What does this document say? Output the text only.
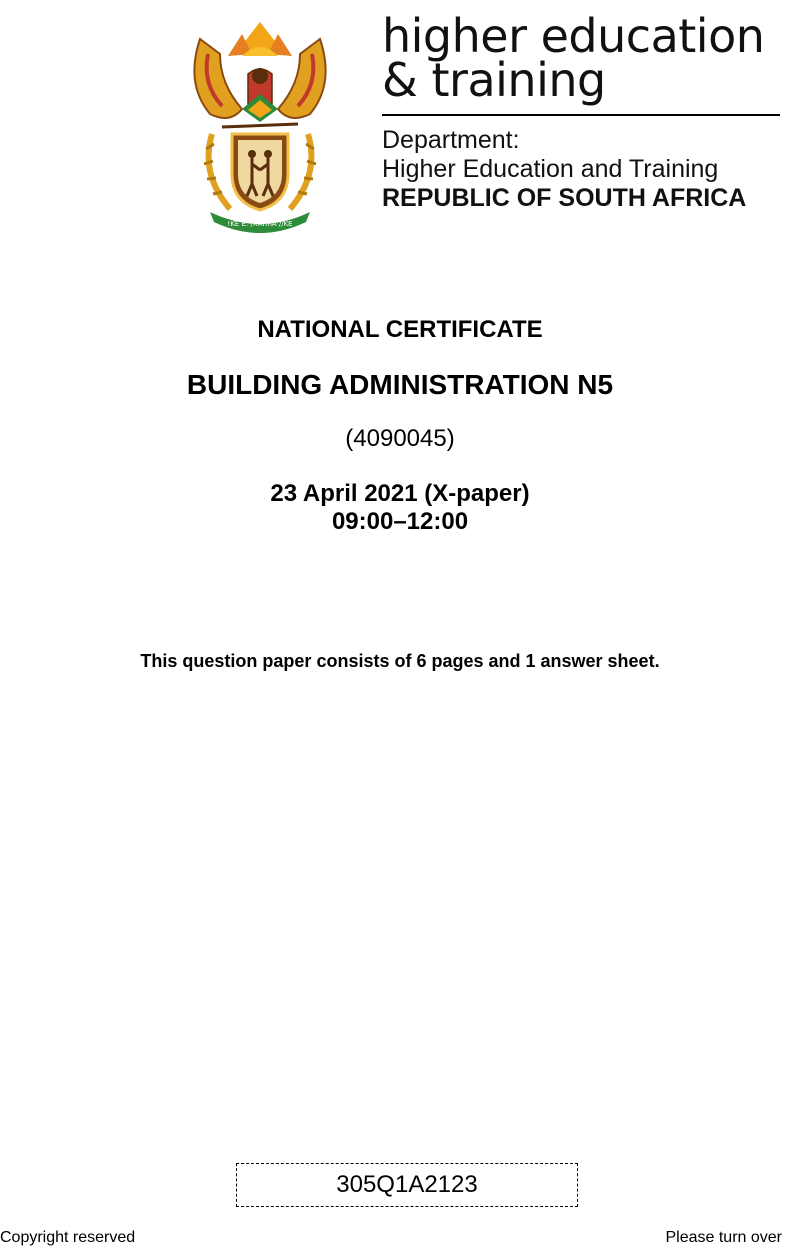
!KE E: /XARRA //KE
higher education
& training
Department:
Higher Education and Training
REPUBLIC OF SOUTH AFRICA
NATIONAL CERTIFICATE
BUILDING ADMINISTRATION N5
(4090045)
23 April 2021 (X-paper)
09:00–12:00
This question paper consists of 6 pages and 1 answer sheet.
305Q1A2123
Copyright reserved	Please turn over
